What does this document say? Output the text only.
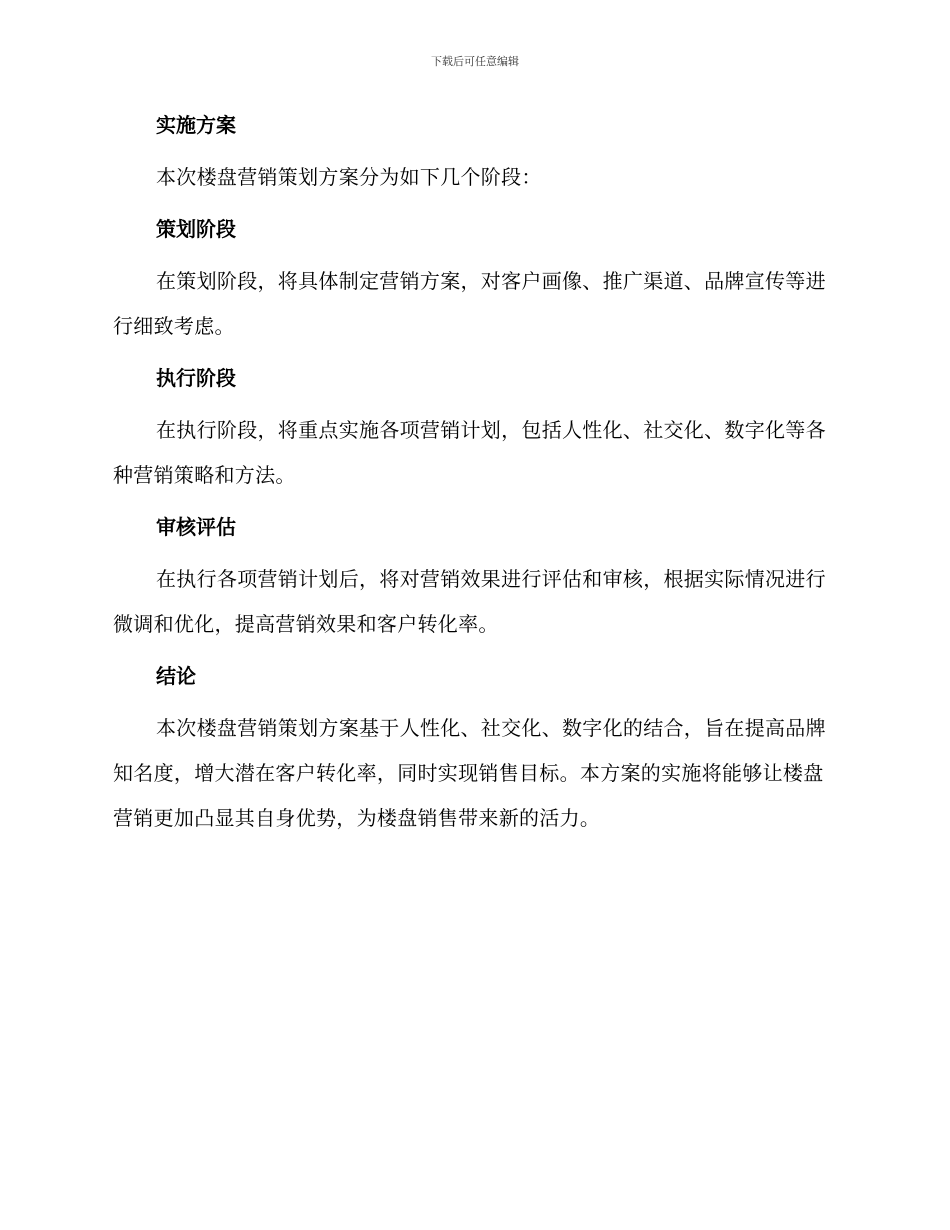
下载后可任意编辑
实施方案

本次楼盘营销策划方案分为如下几个阶段：

策划阶段

在策划阶段，将具体制定营销方案，对客户画像、推广渠道、品牌宣传等进行细致考虑。

执行阶段

在执行阶段，将重点实施各项营销计划，包括人性化、社交化、数字化等各种营销策略和方法。

审核评估

在执行各项营销计划后，将对营销效果进行评估和审核，根据实际情况进行微调和优化，提高营销效果和客户转化率。

结论

本次楼盘营销策划方案基于人性化、社交化、数字化的结合，旨在提高品牌知名度，增大潜在客户转化率，同时实现销售目标。本方案的实施将能够让楼盘营销更加凸显其自身优势，为楼盘销售带来新的活力。
